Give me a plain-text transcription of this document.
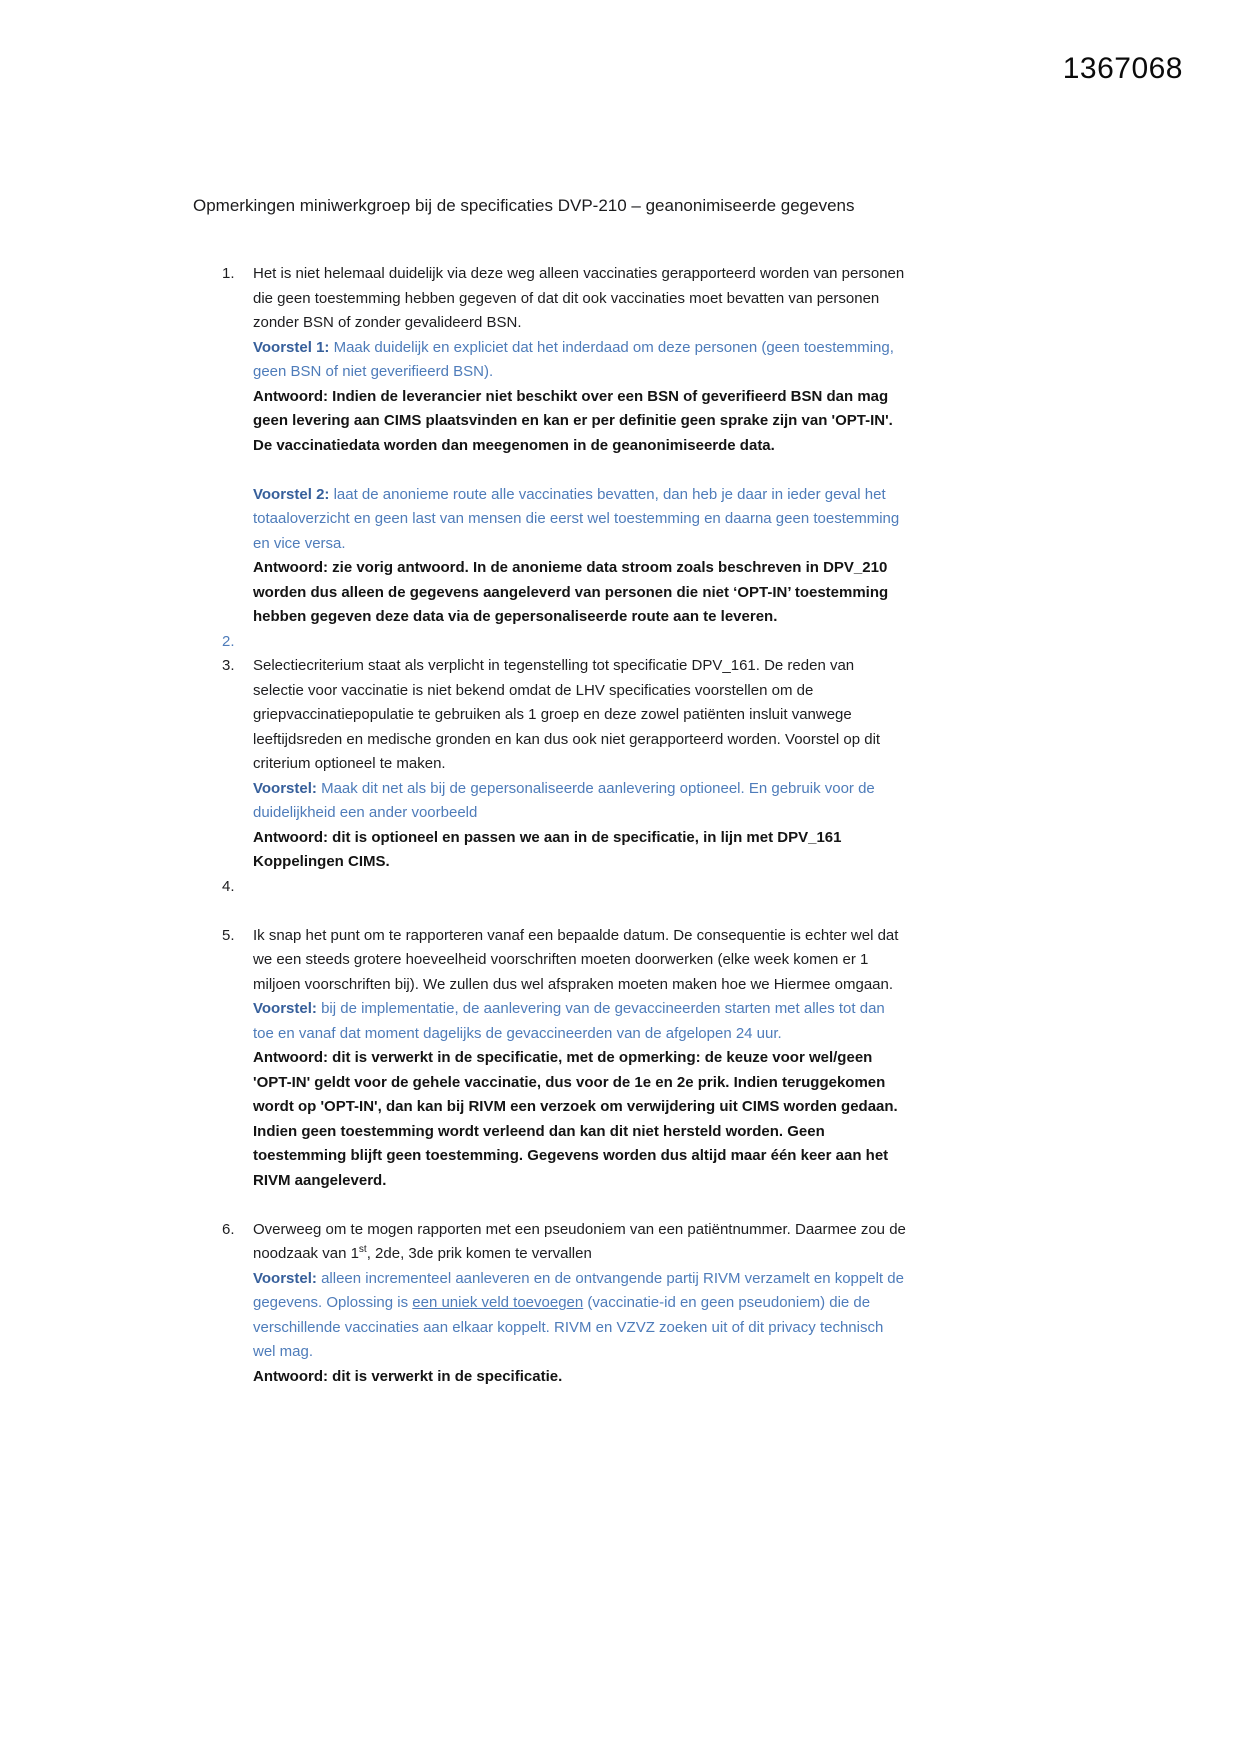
1367068
Opmerkingen miniwerkgroep bij de specificaties DVP-210 – geanonimiseerde gegevens
1.	Het is niet helemaal duidelijk via deze weg alleen vaccinaties gerapporteerd worden van personen die geen toestemming hebben gegeven of dat dit ook vaccinaties moet bevatten van personen zonder BSN of zonder gevalideerd BSN.

Voorstel 1: Maak duidelijk en expliciet dat het inderdaad om deze personen (geen toestemming, geen BSN of niet geverifieerd BSN).

Antwoord: Indien de leverancier niet beschikt over een BSN of geverifieerd BSN dan mag geen levering aan CIMS plaatsvinden en kan er per definitie geen sprake zijn van 'OPT-IN'. De vaccinatiedata worden dan meegenomen in de geanonimiseerde data.

Voorstel 2: laat de anonieme route alle vaccinaties bevatten, dan heb je daar in ieder geval het totaaloverzicht en geen last van mensen die eerst wel toestemming en daarna geen toestemming en vice versa.

Antwoord: zie vorig antwoord. In de anonieme data stroom zoals beschreven in DPV_210 worden dus alleen de gegevens aangeleverd van personen die niet ‘OPT-IN’ toestemming hebben gegeven deze data via de gepersonaliseerde route aan te leveren.

2.
3.	Selectiecriterium staat als verplicht in tegenstelling tot specificatie DPV_161. De reden van selectie voor vaccinatie is niet bekend omdat de LHV specificaties voorstellen om de griepvaccinatiepopulatie te gebruiken als 1 groep en deze zowel patiënten insluit vanwege leeftijdsreden en medische gronden en kan dus ook niet gerapporteerd worden. Voorstel op dit criterium optioneel te maken.

Voorstel: Maak dit net als bij de gepersonaliseerde aanlevering optioneel. En gebruik voor de duidelijkheid een ander voorbeeld

Antwoord: dit is optioneel en passen we aan in de specificatie, in lijn met DPV_161 Koppelingen CIMS.

4.
5.	Ik snap het punt om te rapporteren vanaf een bepaalde datum. De consequentie is echter wel dat we een steeds grotere hoeveelheid voorschriften moeten doorwerken (elke week komen er 1 miljoen voorschriften bij). We zullen dus wel afspraken moeten maken hoe we Hiermee omgaan.

Voorstel: bij de implementatie, de aanlevering van de gevaccineerden starten met alles tot dan toe en vanaf dat moment dagelijks de gevaccineerden van de afgelopen 24 uur.

Antwoord: dit is verwerkt in de specificatie, met de opmerking: de keuze voor wel/geen 'OPT-IN' geldt voor de gehele vaccinatie, dus voor de 1e en 2e prik. Indien teruggekomen wordt op 'OPT-IN', dan kan bij RIVM een verzoek om verwijdering uit CIMS worden gedaan. Indien geen toestemming wordt verleend dan kan dit niet hersteld worden. Geen toestemming blijft geen toestemming. Gegevens worden dus altijd maar één keer aan het RIVM aangeleverd.

6.	Overweeg om te mogen rapporten met een pseudoniem van een patiëntnummer. Daarmee zou de noodzaak van 1st, 2de, 3de prik komen te vervallen

Voorstel: alleen incrementeel aanleveren en de ontvangende partij RIVM verzamelt en koppelt de gegevens. Oplossing is een uniek veld toevoegen (vaccinatie-id en geen pseudoniem) die de verschillende vaccinaties aan elkaar koppelt. RIVM en VZVZ zoeken uit of dit privacy technisch wel mag.

Antwoord: dit is verwerkt in de specificatie.
